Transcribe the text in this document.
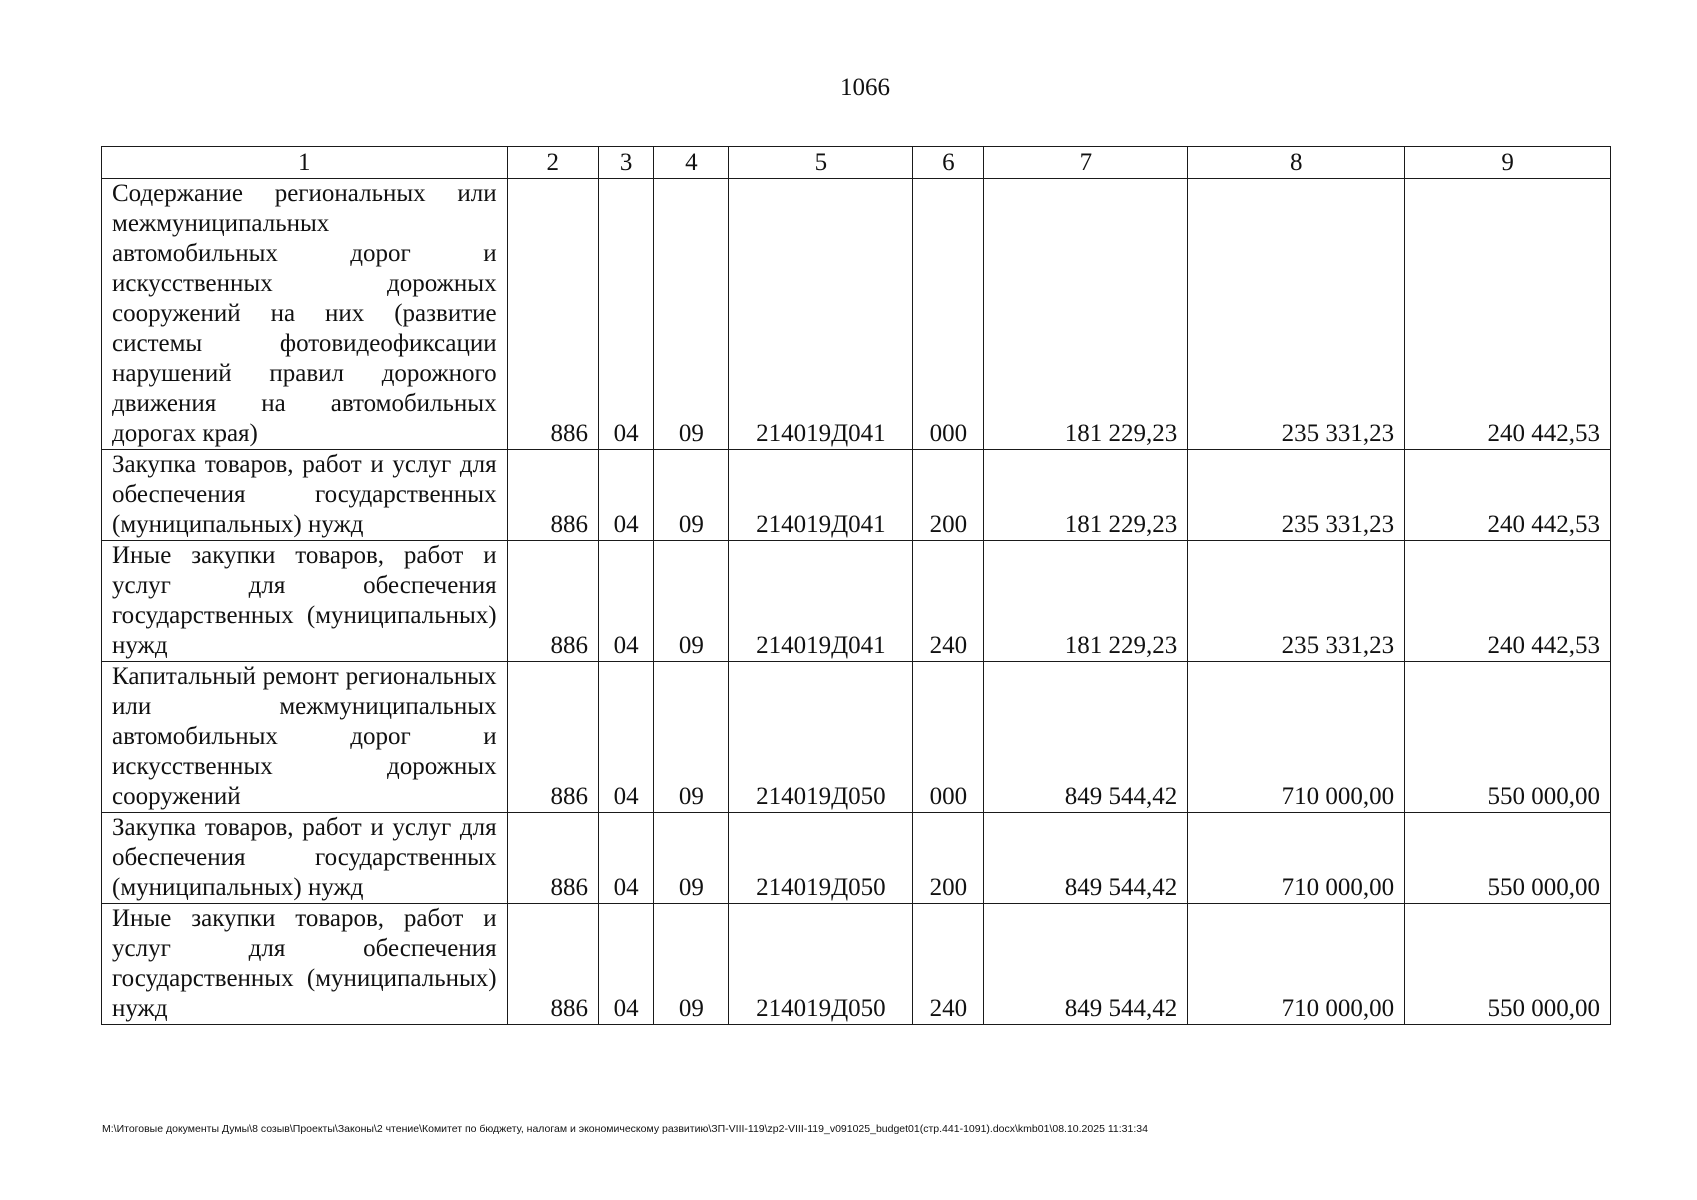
1066
1	2	3	4	5	6	7	8	9
Содержание региональных или межмуниципальных автомобильных дорог и искусственных дорожных сооружений на них (развитие системы фотовидеофиксации нарушений правил дорожного движения на автомобильных дорогах края)	886	04	09	214019Д041	000	181 229,23	235 331,23	240 442,53
Закупка товаров, работ и услуг для обеспечения государственных (муниципальных) нужд	886	04	09	214019Д041	200	181 229,23	235 331,23	240 442,53
Иные закупки товаров, работ и услуг для обеспечения государственных (муниципальных) нужд	886	04	09	214019Д041	240	181 229,23	235 331,23	240 442,53
Капитальный ремонт региональных или межмуниципальных автомобильных дорог и искусственных дорожных сооружений	886	04	09	214019Д050	000	849 544,42	710 000,00	550 000,00
Закупка товаров, работ и услуг для обеспечения государственных (муниципальных) нужд	886	04	09	214019Д050	200	849 544,42	710 000,00	550 000,00
Иные закупки товаров, работ и услуг для обеспечения государственных (муниципальных) нужд	886	04	09	214019Д050	240	849 544,42	710 000,00	550 000,00
M:\Итоговые документы Думы\8 созыв\Проекты\Законы\2 чтение\Комитет по бюджету, налогам и экономическому развитию\ЗП-VIII-119\zp2-VIII-119_v091025_budget01(стр.441-1091).docx\kmb01\08.10.2025 11:31:34
